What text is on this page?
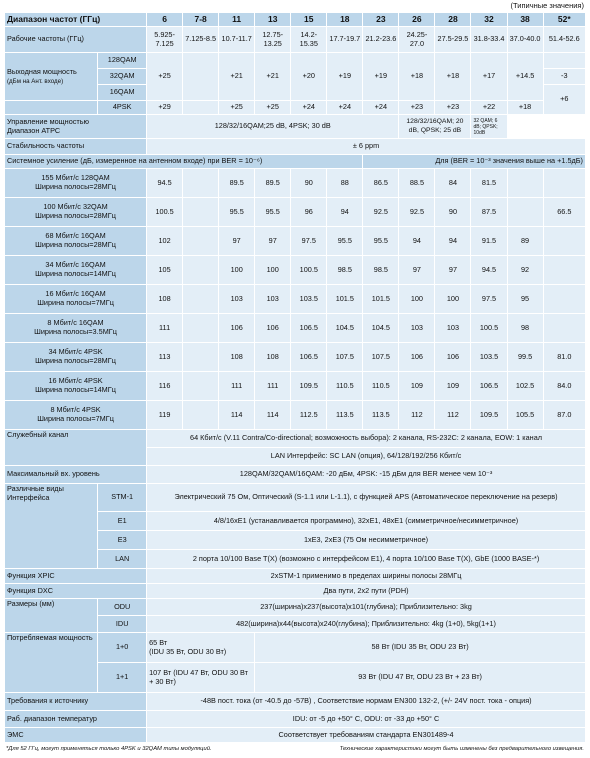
(Типичные значения)
Диапазон частот (ГГц)		6	7-8	11	13	15	18	23	26	28	32	38	52*
Рабочие частоты (ГГц)		5.925-7.125	7.125-8.5	10.7-11.7	12.75-13.25	14.2-15.35	17.7-19.7	21.2-23.6	24.25-27.0	27.5-29.5	31.8-33.4	37.0-40.0	51.4-52.6
Выходная мощность
(дБм на Ант. входе)	128QAM	+25		+21	+21	+20	+19	+19	+18	+18	+17	+14.5	
	32QAM												-3
	16QAM												+6
	4PSK	+29		+25	+25	+24	+24	+24	+23	+23	+22	+18	
Управление мощностью
Диапазон АТРС		128/32/16QAM;25 dB, 4PSK; 30 dB							128/32/16QAM; 20 dB, QPSK; 25 dB		32 QAM; 6 dB; QPSK; 10dB		
Стабильность частоты		± 6 ppm											
Системное усиление (дБ, измеренное на антенном входе) при BER = 10⁻⁶)								Для (BER = 10⁻³ значения выше на +1.5дБ)					
155 Мбит/с 128QAM
Ширина полосы=28МГц		94.5		89.5	89.5	90	88	86.5	88.5	84	81.5		
100 Мбит/с 32QAM
Ширина полосы=28МГц		100.5		95.5	95.5	96	94	92.5	92.5	90	87.5		66.5
68 Мбит/с 16QAM
Ширина полосы=28МГц		102		97	97	97.5	95.5	95.5	94	94	91.5	89	
34 Мбит/с 16QAM
Ширина полосы=14МГц		105		100	100	100.5	98.5	98.5	97	97	94.5	92	
16 Мбит/с 16QAM
Ширина полосы=7МГц		108		103	103	103.5	101.5	101.5	100	100	97.5	95	
8 Мбит/с 16QAM
Ширина полосы=3.5МГц		111		106	106	106.5	104.5	104.5	103	103	100.5	98	
34 Мбит/с 4PSK
Ширина полосы=28МГц		113		108	108	106.5	107.5	107.5	106	106	103.5	99.5	81.0
16 Мбит/с 4PSK
Ширина полосы=14МГц		116		111	111	109.5	110.5	110.5	109	109	106.5	102.5	84.0
8 Мбит/с 4PSK
Ширина полосы=7МГц		119		114	114	112.5	113.5	113.5	112	112	109.5	105.5	87.0
Служебный канал		64 Кбит/с (V.11 Contra/Co-directional; возможность выбора): 2 канала, RS-232C: 2 канала, EOW: 1 канал											
		LAN Интерфейс: SC LAN (опция), 64/128/192/256 Кбит/с											
Максимальный вх. уровень		128QAM/32QAM/16QAM: -20 дБм, 4PSK: -15 дБм для BER менее чем 10⁻³											
Различные виды Интерфейса	STM-1	Электрический 75 Ом, Оптический (S-1.1 или L-1.1), с функцией APS (Автоматическое переключение на резерв)											
	E1	4/8/16xE1 (устанавливается программно), 32xE1, 48xE1 (симметричное/несимметричное)											
	E3	1xE3, 2xE3 (75 Ом несимметричное)											
	LAN	2 порта 10/100 Base T(X) (возможно с интерфейсом E1), 4 порта 10/100 Base T(X), GbE (1000 BASE-*)											
Функция XPIC		2xSTM-1 применимо в пределах ширины полосы 28МГц											
Функция DXC		Два пути, 2x2 пути (PDH)											
Размеры (мм)	ODU	237(ширина)x237(высота)x101(глубина); Приблизительно: 3kg											
	IDU	482(ширина)x44(высота)x240(глубина); Приблизительно: 4kg (1+0), 5kg(1+1)											
Потребляемая мощность	1+0	65 Вт
(IDU 35 Вт, ODU 30 Вт)			58 Вт (IDU 35 Вт, ODU 23 Вт)								
	1+1	107 Вт (IDU 47 Вт, ODU 30 Вт + 30 Вт)			93 Вт (IDU 47 Вт, ODU 23 Вт + 23 Вт)								
Требования к источнику		-48В пост. тока (от -40.5 до -57В) , Соответствие нормам EN300 132-2, (+/- 24V пост. тока - опция)											
Раб. диапазон температур		IDU: от -5 до +50° C, ODU: от -33 до +50° C											
ЭМС		Соответствует требованиям стандарта EN301489-4											
*Для 52 ГГц, могут применяться только 4PSK и 32QAM типы модуляций.	Технические характеристики могут быть изменены без предварительного извещения.
